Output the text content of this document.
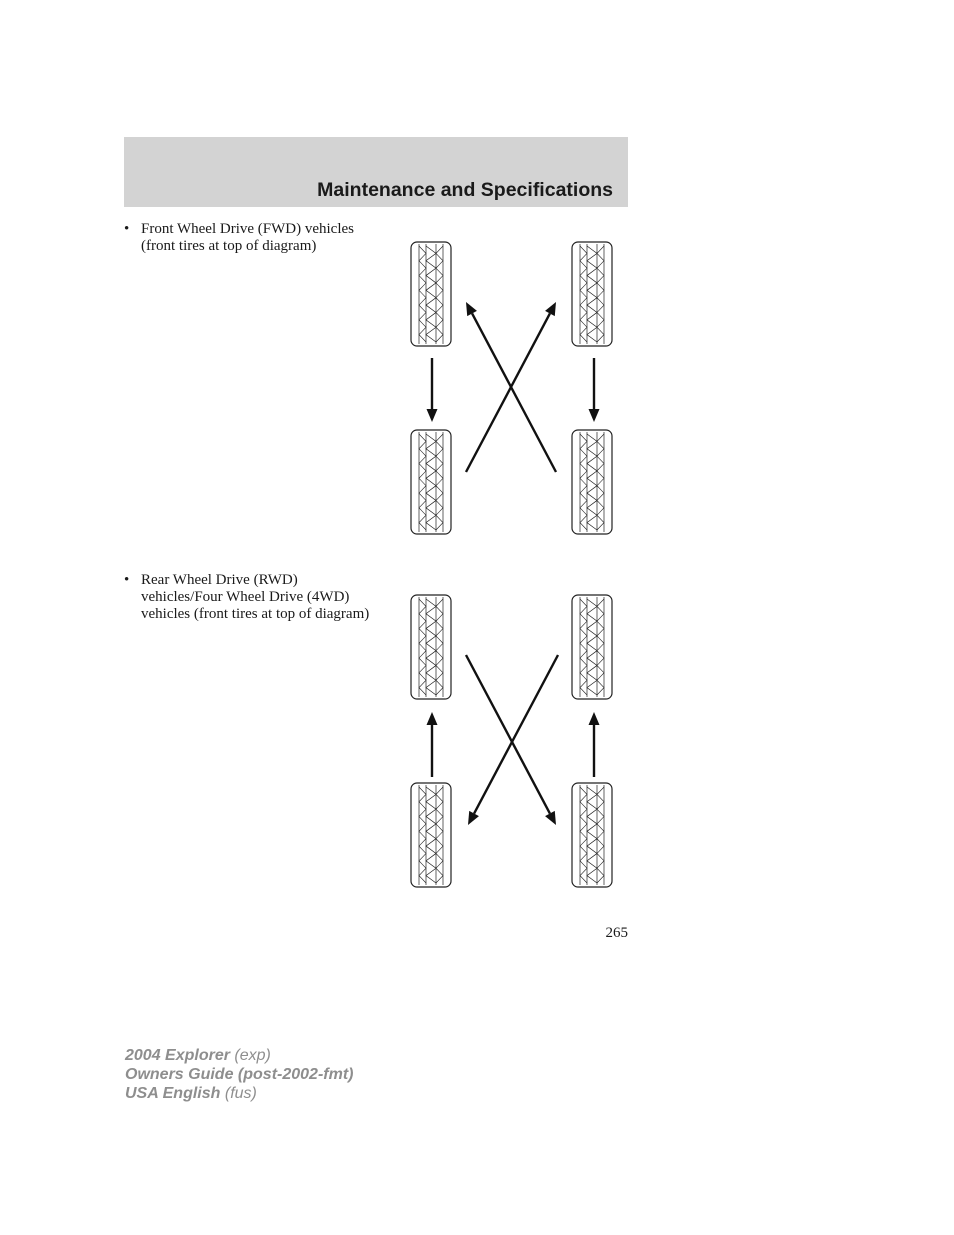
Maintenance and Specifications
• Front Wheel Drive (FWD) vehicles (front tires at top of diagram)
• Rear Wheel Drive (RWD) vehicles/Four Wheel Drive (4WD) vehicles (front tires at top of diagram)
265
2004 Explorer (exp)
Owners Guide (post-2002-fmt)
USA English (fus)
